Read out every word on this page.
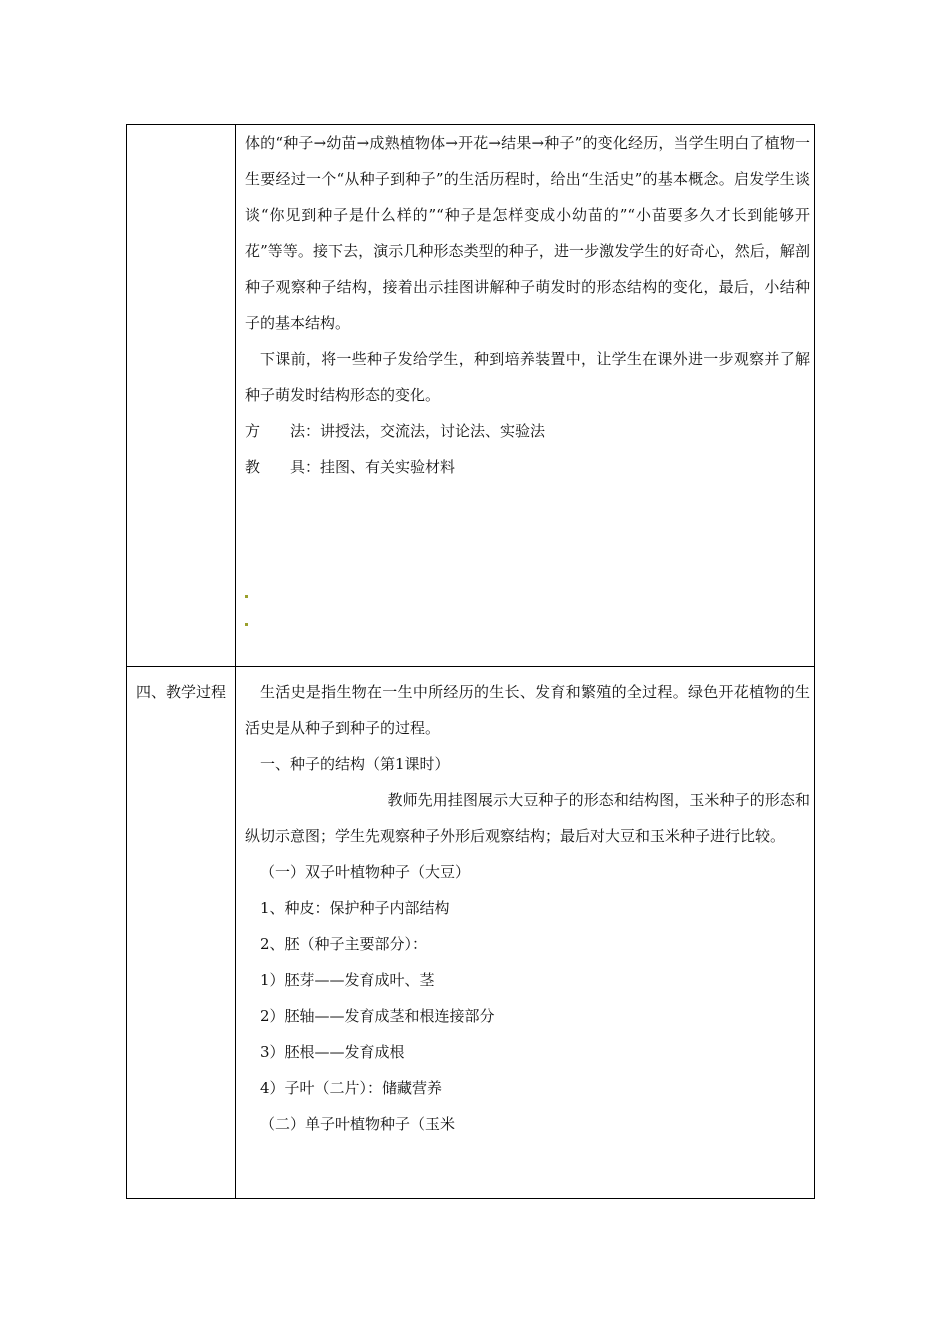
体的“种子→幼苗→成熟植物体→开花→结果→种子”的变化经历，当学生明白了植物一生要经过一个“从种子到种子”的生活历程时，给出“生活史”的基本概念。启发学生谈谈“你见到种子是什么样的”“种子是怎样变成小幼苗的”“小苗要多久才长到能够开花”等等。接下去，演示几种形态类型的种子，进一步激发学生的好奇心，然后，解剖种子观察种子结构，接着出示挂图讲解种子萌发时的形态结构的变化，最后，小结种子的基本结构。

下课前，将一些种子发给学生，种到培养装置中，让学生在课外进一步观察并了解种子萌发时结构形态的变化。

方　　法：讲授法，交流法，讨论法、实验法

教　　具：挂图、有关实验材料

四、教学过程	生活史是指生物在一生中所经历的生长、发育和繁殖的全过程。绿色开花植物的生活史是从种子到种子的过程。

一、种子的结构（第1课时）

教师先用挂图展示大豆种子的形态和结构图，玉米种子的形态和纵切示意图；学生先观察种子外形后观察结构；最后对大豆和玉米种子进行比较。

（一）双子叶植物种子（大豆）

1、种皮：保护种子内部结构

2、胚（种子主要部分）：

1）胚芽——发育成叶、茎

2）胚轴——发育成茎和根连接部分

3）胚根——发育成根

4）子叶（二片）：储藏营养

（二）单子叶植物种子（玉米
